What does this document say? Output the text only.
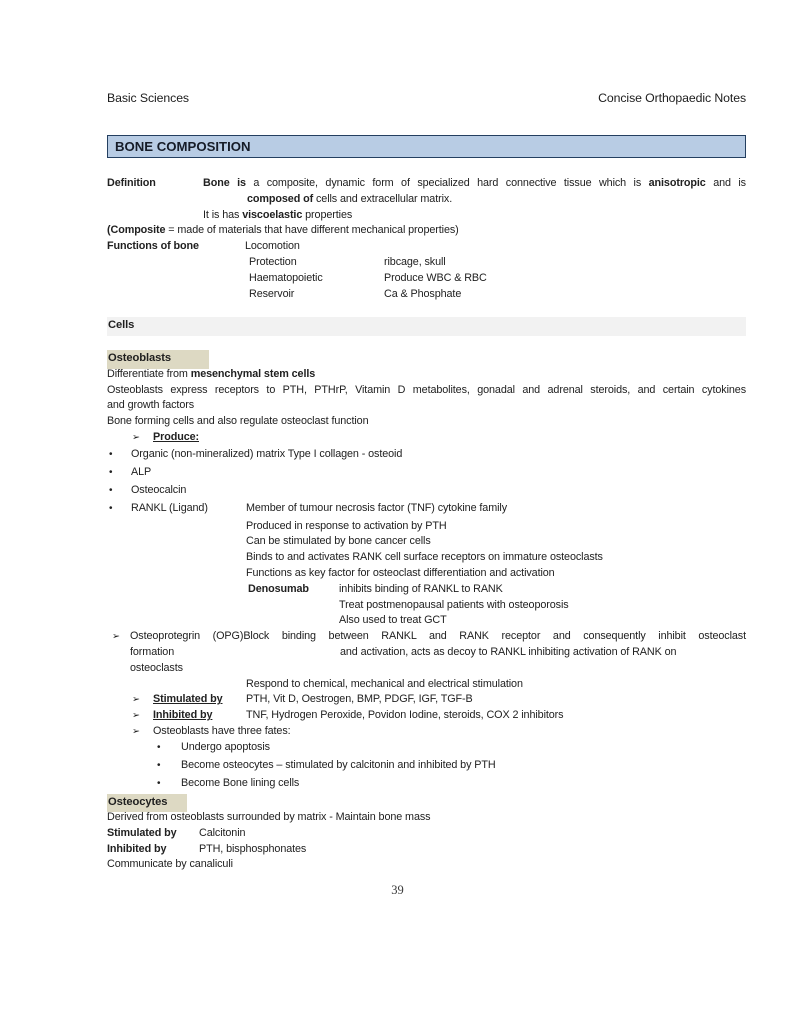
Basic Sciences	Concise Orthopaedic Notes
BONE COMPOSITION
Definition	Bone is a composite, dynamic form of specialized hard connective tissue which is anisotropic and is
composed of cells and extracellular matrix.
It is has viscoelastic properties
(Composite = made of materials that have different mechanical properties)
Functions of bone	Locomotion
Protection	ribcage, skull
Haematopoietic	Produce WBC & RBC
Reservoir	Ca & Phosphate
Cells
Osteoblasts
Differentiate from mesenchymal stem cells
Osteoblasts express receptors to PTH, PTHrP, Vitamin D metabolites, gonadal and adrenal steroids, and certain cytokines
and growth factors
Bone forming cells and also regulate osteoclast function
➢ Produce:
• Organic (non-mineralized) matrix Type I collagen - osteoid
• ALP
• Osteocalcin
• RANKL (Ligand)	Member of tumour necrosis factor (TNF) cytokine family
Produced in response to activation by PTH
Can be stimulated by bone cancer cells
Binds to and activates RANK cell surface receptors on immature osteoclasts
Functions as key factor for osteoclast differentiation and activation
Denosumab	inhibits binding of RANKL to RANK
Treat postmenopausal patients with osteoporosis
Also used to treat GCT
➢ Osteoprotegrin (OPG)Block binding between RANKL and RANK receptor and consequently inhibit osteoclast
formation	and activation, acts as decoy to RANKL inhibiting activation of RANK on
osteoclasts
Respond to chemical, mechanical and electrical stimulation
➢ Stimulated by PTH, Vit D, Oestrogen, BMP, PDGF, IGF, TGF-B
➢ Inhibited by	TNF, Hydrogen Peroxide, Povidon Iodine, steroids, COX 2 inhibitors
➢ Osteoblasts have three fates:
• Undergo apoptosis
• Become osteocytes – stimulated by calcitonin and inhibited by PTH
• Become Bone lining cells
Osteocytes
Derived from osteoblasts surrounded by matrix - Maintain bone mass
Stimulated by Calcitonin
Inhibited by	PTH, bisphosphonates
Communicate by canaliculi
39
